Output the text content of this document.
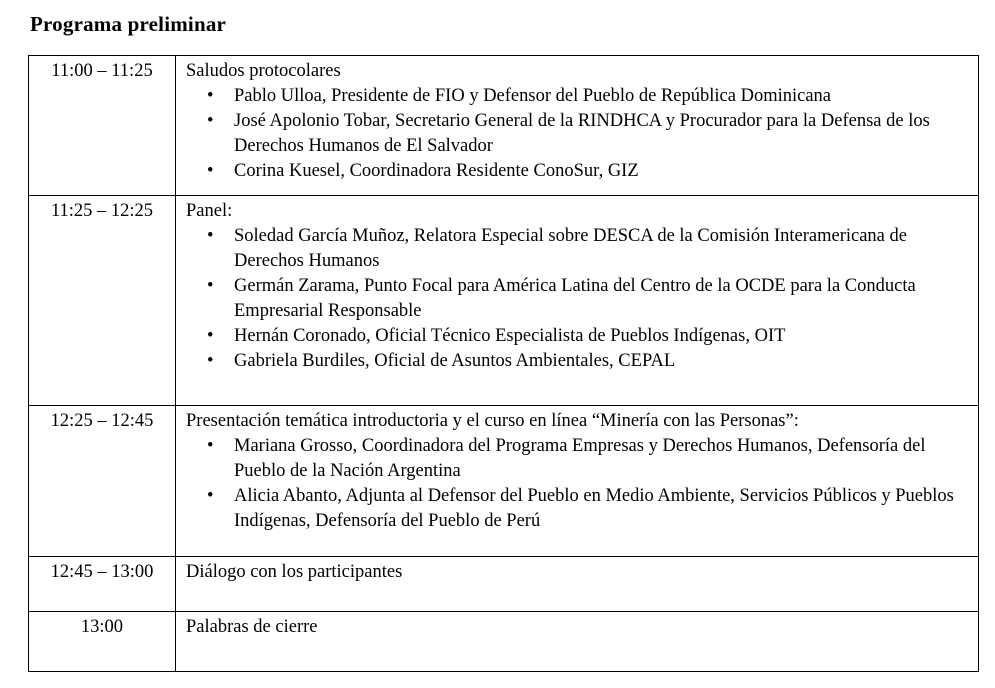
Programa preliminar
11:00 – 11:25	Saludos protocolares
• Pablo Ulloa, Presidente de FIO y Defensor del Pueblo de República Dominicana
• José Apolonio Tobar, Secretario General de la RINDHCA y Procurador para la Defensa de los Derechos Humanos de El Salvador
• Corina Kuesel, Coordinadora Residente ConoSur, GIZ

11:25 – 12:25	Panel:
• Soledad García Muñoz, Relatora Especial sobre DESCA de la Comisión Interamericana de Derechos Humanos
• Germán Zarama, Punto Focal para América Latina del Centro de la OCDE para la Conducta Empresarial Responsable
• Hernán Coronado, Oficial Técnico Especialista de Pueblos Indígenas, OIT
• Gabriela Burdiles, Oficial de Asuntos Ambientales, CEPAL

12:25 – 12:45	Presentación temática introductoria y el curso en línea “Minería con las Personas”:
• Mariana Grosso, Coordinadora del Programa Empresas y Derechos Humanos, Defensoría del Pueblo de la Nación Argentina
• Alicia Abanto, Adjunta al Defensor del Pueblo en Medio Ambiente, Servicios Públicos y Pueblos Indígenas, Defensoría del Pueblo de Perú

12:45 – 13:00	Diálogo con los participantes

13:00	Palabras de cierre
